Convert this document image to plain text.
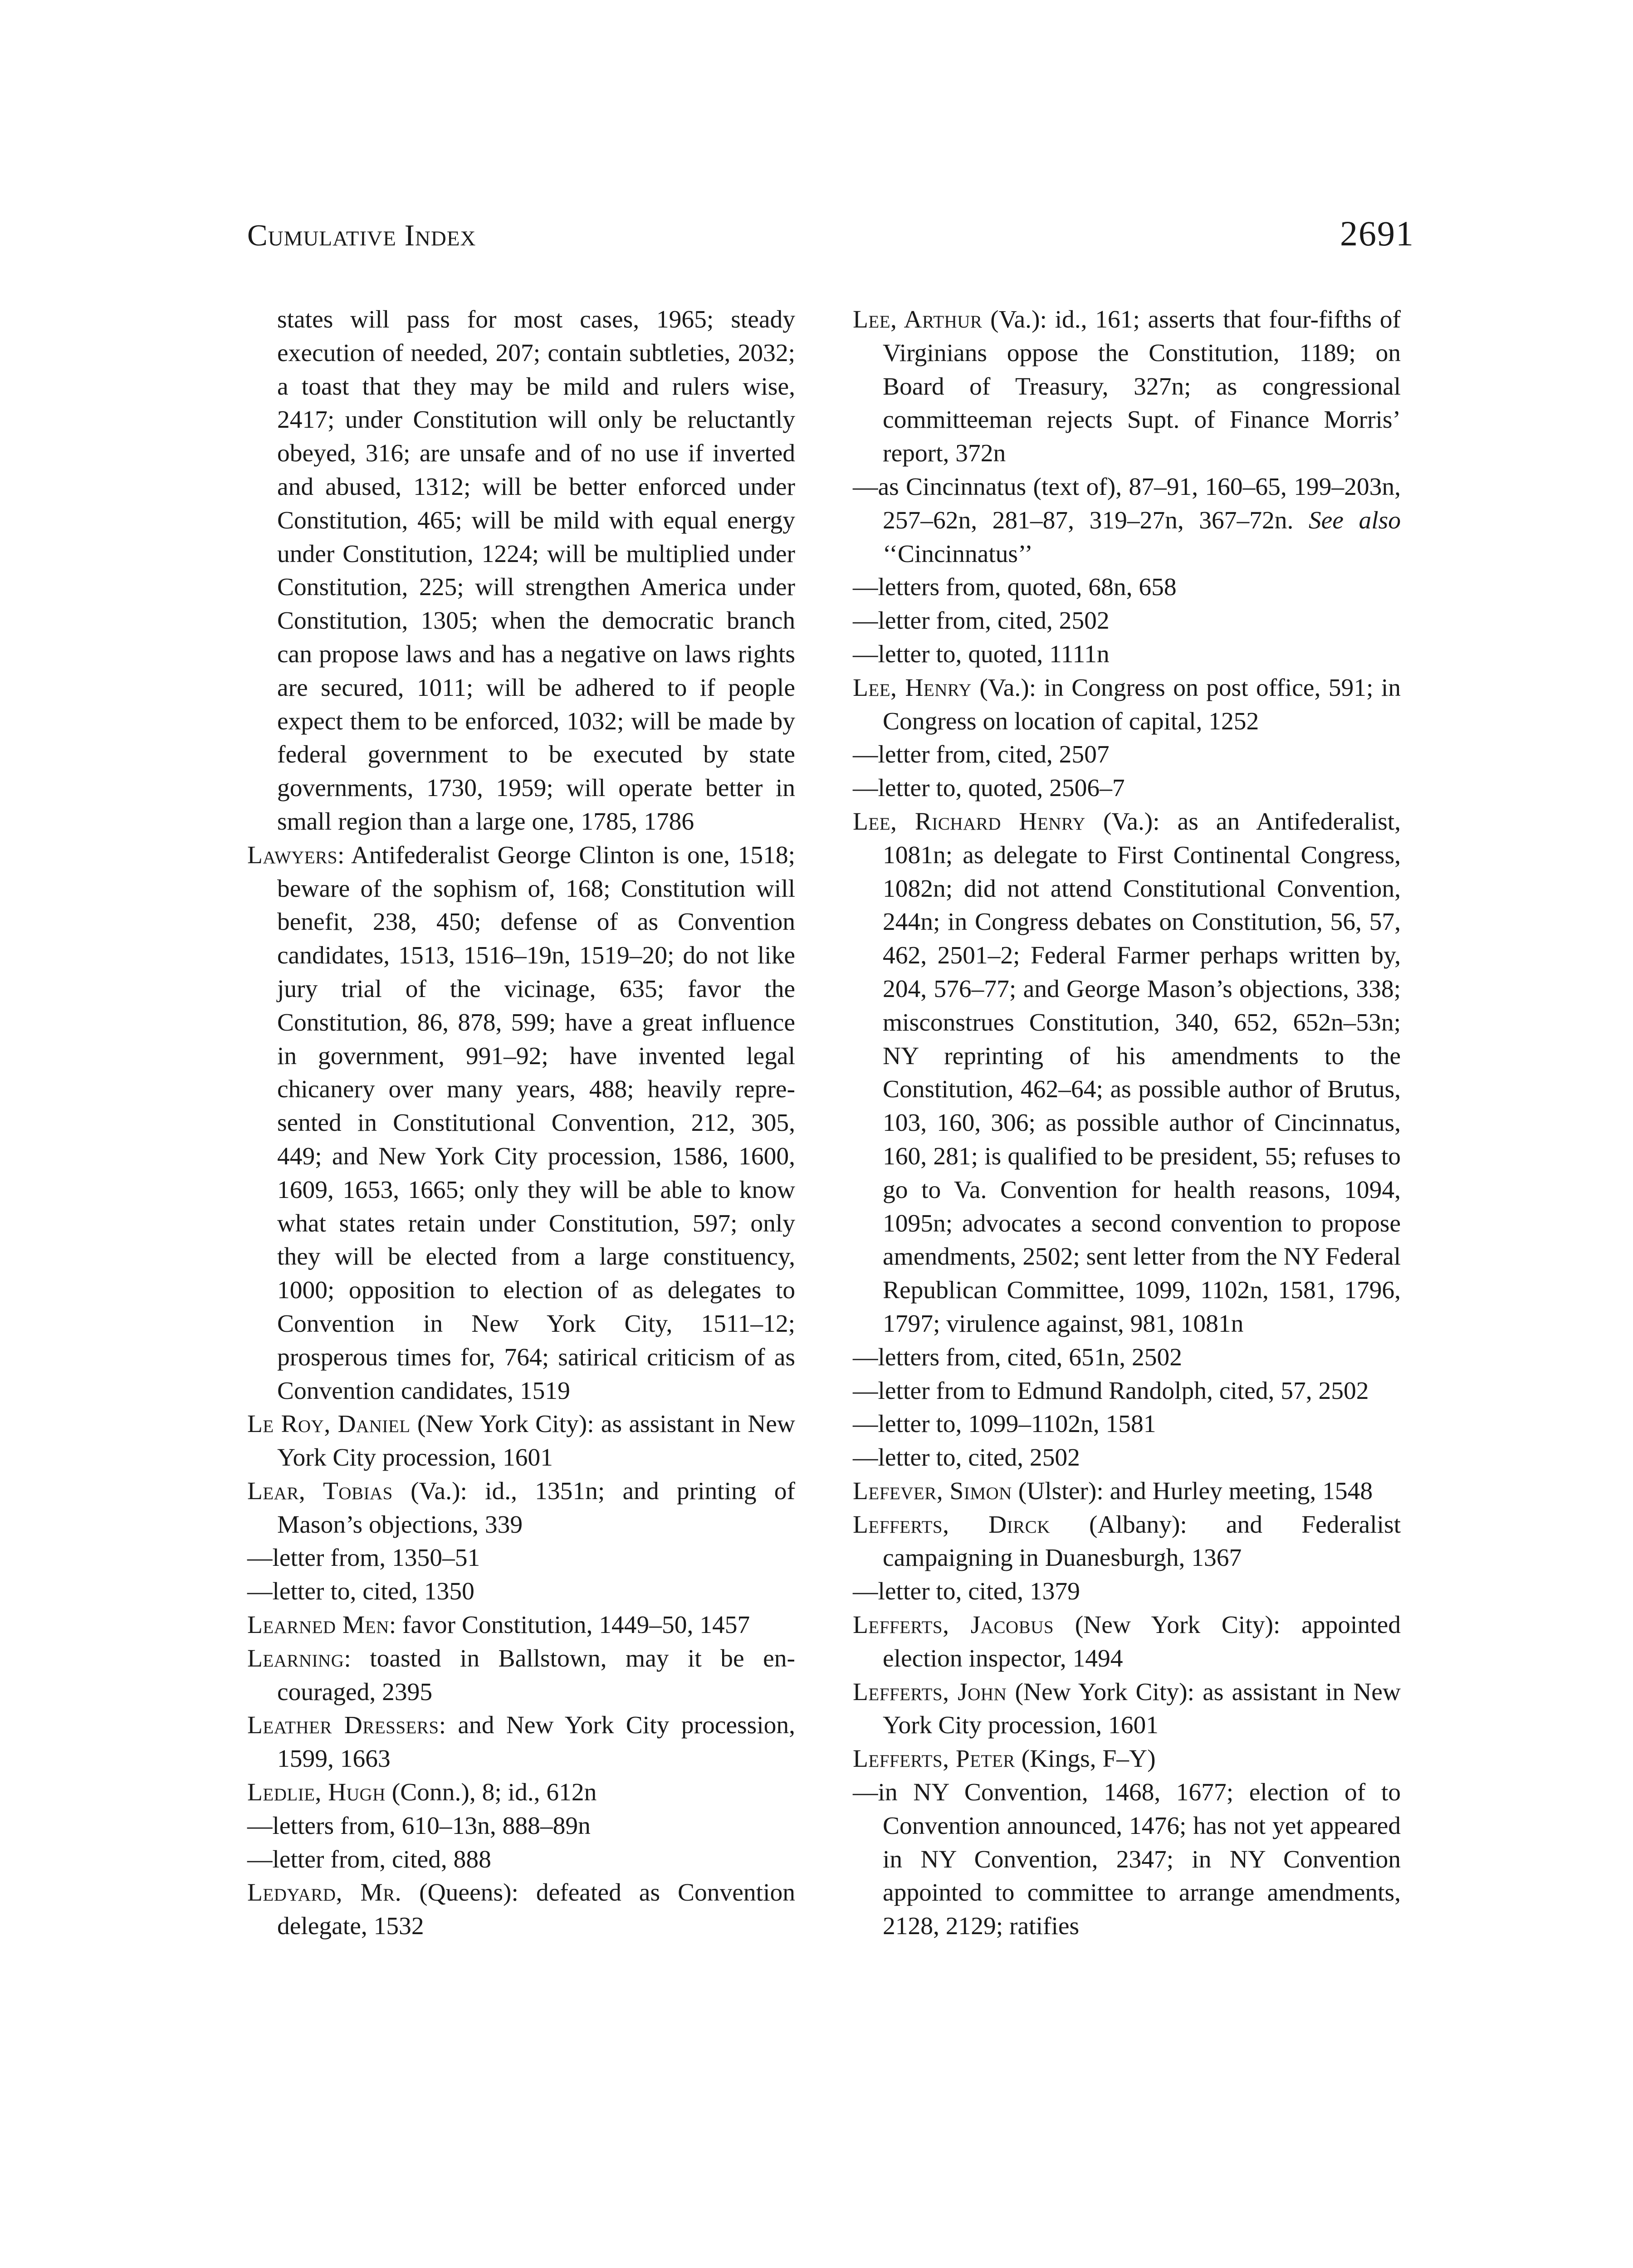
Cumulative Index	2691

states will pass for most cases, 1965; steady execution of needed, 207; contain subtleties, 2032; a toast that they may be mild and rulers wise, 2417; under Constitution will only be reluctantly obeyed, 316; are unsafe and of no use if inverted and abused, 1312; will be better enforced under Constitution, 465; will be mild with equal energy under Constitution, 1224; will be multiplied under Constitution, 225; will strengthen America under Constitution, 1305; when the democratic branch can propose laws and has a negative on laws rights are secured, 1011; will be adhered to if people expect them to be enforced, 1032; will be made by federal government to be executed by state governments, 1730, 1959; will operate better in small region than a large one, 1785, 1786

Lawyers: Antifederalist George Clinton is one, 1518; beware of the sophism of, 168; Constitution will benefit, 238, 450; defense of as Convention candidates, 1513, 1516–19n, 1519–20; do not like jury trial of the vicinage, 635; favor the Constitution, 86, 878, 599; have a great influence in government, 991–92; have invented legal chicanery over many years, 488; heavily represented in Constitutional Convention, 212, 305, 449; and New York City procession, 1586, 1600, 1609, 1653, 1665; only they will be able to know what states retain under Constitution, 597; only they will be elected from a large constituency, 1000; opposition to election of as delegates to Convention in New York City, 1511–12; prosperous times for, 764; satirical criticism of as Convention candidates, 1519

Le Roy, Daniel (New York City): as assistant in New York City procession, 1601

Lear, Tobias (Va.): id., 1351n; and printing of Mason’s objections, 339

—letter from, 1350–51

—letter to, cited, 1350

Learned Men: favor Constitution, 1449–50, 1457

Learning: toasted in Ballstown, may it be encouraged, 2395

Leather Dressers: and New York City procession, 1599, 1663

Ledlie, Hugh (Conn.), 8; id., 612n

—letters from, 610–13n, 888–89n

—letter from, cited, 888

Ledyard, Mr. (Queens): defeated as Convention delegate, 1532

Lee, Arthur (Va.): id., 161; asserts that four-fifths of Virginians oppose the Constitution, 1189; on Board of Treasury, 327n; as congressional committeeman rejects Supt. of Finance Morris’ report, 372n

—as Cincinnatus (text of), 87–91, 160–65, 199–203n, 257–62n, 281–87, 319–27n, 367–72n. See also ‘‘Cincinnatus’’

—letters from, quoted, 68n, 658

—letter from, cited, 2502

—letter to, quoted, 1111n

Lee, Henry (Va.): in Congress on post office, 591; in Congress on location of capital, 1252

—letter from, cited, 2507

—letter to, quoted, 2506–7

Lee, Richard Henry (Va.): as an Antifederalist, 1081n; as delegate to First Continental Congress, 1082n; did not attend Constitutional Convention, 244n; in Congress debates on Constitution, 56, 57, 462, 2501–2; Federal Farmer perhaps written by, 204, 576–77; and George Mason’s objections, 338; misconstrues Constitution, 340, 652, 652n–53n; NY reprinting of his amendments to the Constitution, 462–64; as possible author of Brutus, 103, 160, 306; as possible author of Cincinnatus, 160, 281; is qualified to be president, 55; refuses to go to Va. Convention for health reasons, 1094, 1095n; advocates a second convention to propose amendments, 2502; sent letter from the NY Federal Republican Committee, 1099, 1102n, 1581, 1796, 1797; virulence against, 981, 1081n

—letters from, cited, 651n, 2502

—letter from to Edmund Randolph, cited, 57, 2502

—letter to, 1099–1102n, 1581

—letter to, cited, 2502

Lefever, Simon (Ulster): and Hurley meeting, 1548

Lefferts, Dirck (Albany): and Federalist campaigning in Duanesburgh, 1367

—letter to, cited, 1379

Lefferts, Jacobus (New York City): appointed election inspector, 1494

Lefferts, John (New York City): as assistant in New York City procession, 1601

Lefferts, Peter (Kings, F–Y)

—in NY Convention, 1468, 1677; election of to Convention announced, 1476; has not yet appeared in NY Convention, 2347; in NY Convention appointed to committee to arrange amendments, 2128, 2129; ratifies
